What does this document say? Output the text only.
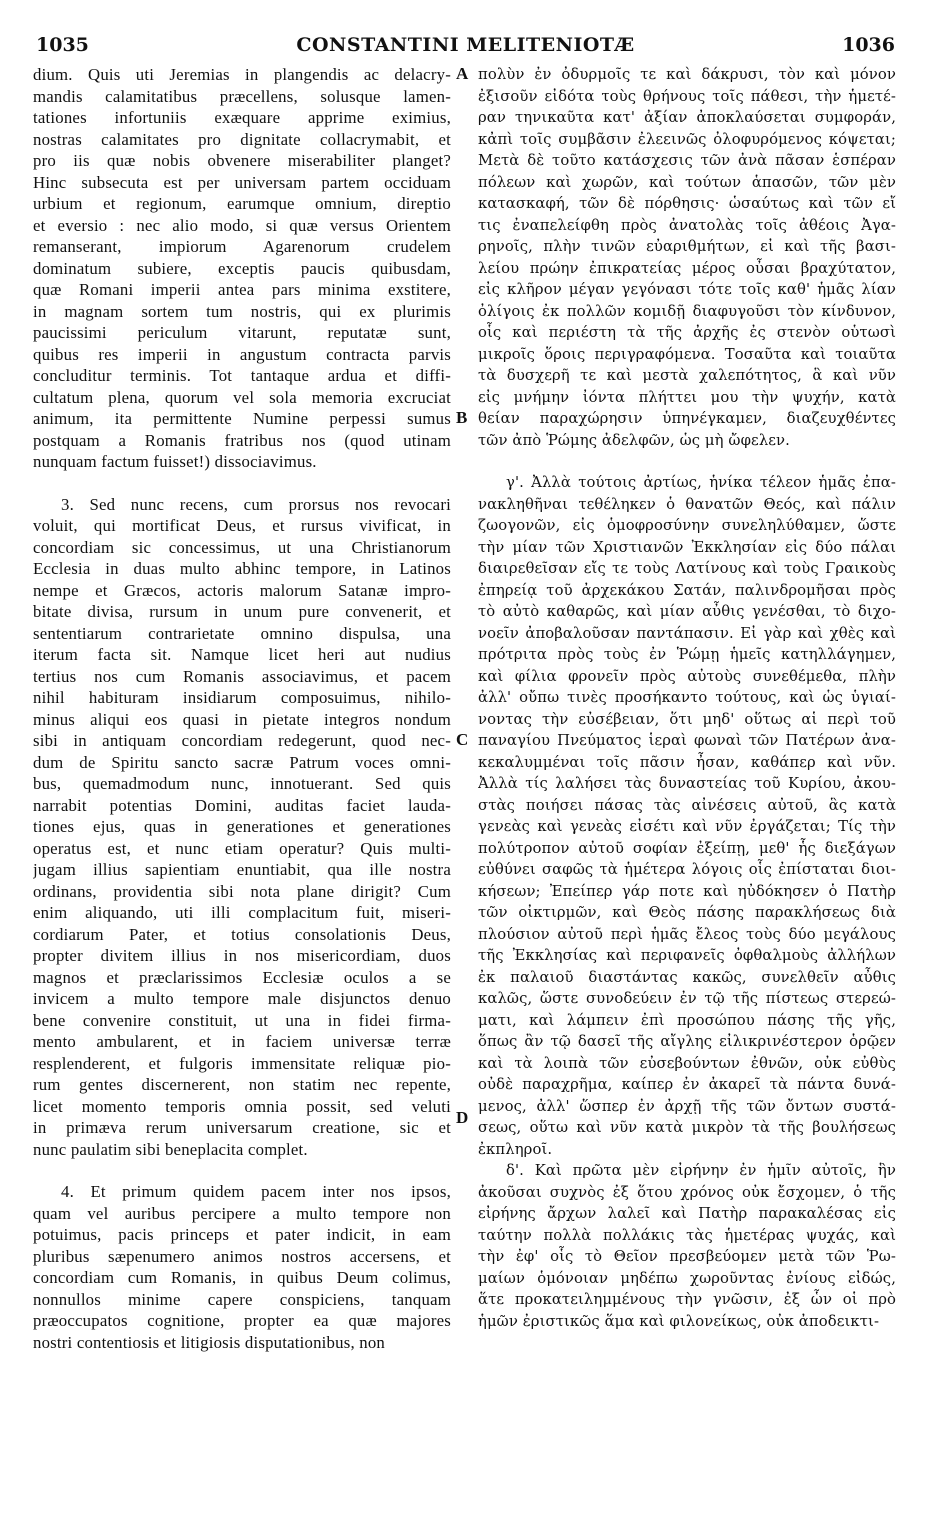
1035	CONSTANTINI MELITENIOTÆ	1036
dium. Quis uti Jeremias in plangendis ac delacry-
mandis calamitatibus præcellens, solusque lamen-
tationes infortuniis exæquare apprime eximius,
nostras calamitates pro dignitate collacrymabit, et
pro iis quæ nobis obvenere miserabiliter planget?
Hinc subsecuta est per universam partem occiduam
urbium et regionum, earumque omnium, direptio
et eversio : nec alio modo, si quæ versus Orientem
remanserant, impiorum Agarenorum crudelem
dominatum subiere, exceptis paucis quibusdam,
quæ Romani imperii antea pars minima exstitere,
in magnam sortem tum nostris, qui ex plurimis
paucissimi periculum vitarunt, reputatæ sunt,
quibus res imperii in angustum contracta parvis
concluditur terminis. Tot tantaque ardua et diffi-
cultatum plena, quorum vel sola memoria excruciat
animum, ita permittente Numine perpessi sumus
postquam a Romanis fratribus nos (quod utinam
nunquam factum fuisset!) dissociavimus.
3. Sed nunc recens, cum prorsus nos revocari
voluit, qui mortificat Deus, et rursus vivificat, in
concordiam sic concessimus, ut una Christianorum
Ecclesia in duas multo abhinc tempore, in Latinos
nempe et Græcos, actoris malorum Satanæ impro-
bitate divisa, rursum in unum pure convenerit, et
sententiarum contrarietate omnino dispulsa, una
iterum facta sit. Namque licet heri aut nudius
tertius nos cum Romanis associavimus, et pacem
nihil habituram insidiarum composuimus, nihilo-
minus aliqui eos quasi in pietate integros nondum
sibi in antiquam concordiam redegerunt, quod nec-
dum de Spiritu sancto sacræ Patrum voces omni-
bus, quemadmodum nunc, innotuerant. Sed quis
narrabit potentias Domini, auditas faciet lauda-
tiones ejus, quas in generationes et generationes
operatus est, et nunc etiam operatur? Quis multi-
jugam illius sapientiam enuntiabit, qua ille nostra
ordinans, providentia sibi nota plane dirigit? Cum
enim aliquando, uti illi complacitum fuit, miseri-
cordiarum Pater, et totius consolationis Deus,
propter divitem illius in nos misericordiam, duos
magnos et præclarissimos Ecclesiæ oculos a se
invicem a multo tempore male disjunctos denuo
bene convenire constituit, ut una in fidei firma-
mento ambularent, et in faciem universæ terræ
resplenderent, et fulgoris immensitate reliquæ pio-
rum gentes discernerent, non statim nec repente,
licet momento temporis omnia possit, sed veluti
in primæva rerum universarum creatione, sic et
nunc paulatim sibi beneplacita complet.
4. Et primum quidem pacem inter nos ipsos,
quam vel auribus percipere a multo tempore non
potuimus, pacis princeps et pater indicit, in eam
pluribus sæpenumero animos nostros accersens, et
concordiam cum Romanis, in quibus Deum colimus,
nonnullos minime capere conspiciens, tanquam
præoccupatos cognitione, propter ea quæ majores
nostri contentiosis et litigiosis disputationibus, non
πολὺν ἐν ὀδυρμοῖς τε καὶ δάκρυσι, τὸν καὶ μόνον
ἐξισοῦν εἰδότα τοὺς θρήνους τοῖς πάθεσι, τὴν ἡμετέ-
ραν τηνικαῦτα κατ' ἀξίαν ἀποκλαύσεται συμφοράν,
κἀπὶ τοῖς συμβᾶσιν ἐλεεινῶς ὀλοφυρόμενος κόψεται;
Μετὰ δὲ τοῦτο κατάσχεσις τῶν ἀνὰ πᾶσαν ἑσπέραν
πόλεων καὶ χωρῶν, καὶ τούτων ἁπασῶν, τῶν μὲν
κατασκαφή, τῶν δὲ πόρθησις· ὡσαύτως καὶ τῶν εἴ
τις ἐναπελείφθη πρὸς ἀνατολὰς τοῖς ἀθέοις Ἀγα-
ρηνοῖς, πλὴν τινῶν εὐαριθμήτων, εἰ καὶ τῆς βασι-
λείου πρώην ἐπικρατείας μέρος οὖσαι βραχύτατον,
εἰς κλῆρον μέγαν γεγόνασι τότε τοῖς καθ' ἡμᾶς λίαν
ὀλίγοις ἐκ πολλῶν κομιδῇ διαφυγοῦσι τὸν κίνδυνον,
οἷς καὶ περιέστη τὰ τῆς ἀρχῆς ἐς στενὸν οὑτωσὶ
μικροῖς ὅροις περιγραφόμενα. Τοσαῦτα καὶ τοιαῦτα
τὰ δυσχερῆ τε καὶ μεστὰ χαλεπότητος, ἃ καὶ νῦν
εἰς μνήμην ἰόντα πλήττει μου τὴν ψυχήν, κατὰ
θείαν παραχώρησιν ὑπηνέγκαμεν, διαζευχθέντες
τῶν ἀπὸ Ῥώμης ἀδελφῶν, ὡς μὴ ὤφελεν.
γ'. Ἀλλὰ τούτοις ἀρτίως, ἡνίκα τέλεον ἡμᾶς ἐπα-
νακληθῆναι τεθέληκεν ὁ θανατῶν Θεός, καὶ πάλιν
ζωογονῶν, εἰς ὁμοφροσύνην συνεληλύθαμεν, ὥστε
τὴν μίαν τῶν Χριστιανῶν Ἐκκλησίαν εἰς δύο πάλαι
διαιρεθεῖσαν εἴς τε τοὺς Λατίνους καὶ τοὺς Γραικοὺς
ἐπηρείᾳ τοῦ ἀρχεκάκου Σατάν, παλινδρομῆσαι πρὸς
τὸ αὐτὸ καθαρῶς, καὶ μίαν αὖθις γενέσθαι, τὸ διχο-
νοεῖν ἀποβαλοῦσαν παντάπασιν. Εἰ γὰρ καὶ χθὲς καὶ
πρότριτα πρὸς τοὺς ἐν Ῥώμῃ ἡμεῖς κατηλλάγημεν,
καὶ φίλια φρονεῖν πρὸς αὐτοὺς συνεθέμεθα, πλὴν
ἀλλ' οὔπω τινὲς προσήκαντο τούτους, καὶ ὡς ὑγιαί-
νοντας τὴν εὐσέβειαν, ὅτι μηδ' οὕτως αἱ περὶ τοῦ
παναγίου Πνεύματος ἱεραὶ φωναὶ τῶν Πατέρων ἀνα-
κεκαλυμμέναι τοῖς πᾶσιν ἦσαν, καθάπερ καὶ νῦν.
Ἀλλὰ τίς λαλήσει τὰς δυναστείας τοῦ Κυρίου, ἀκου-
στὰς ποιήσει πάσας τὰς αἰνέσεις αὐτοῦ, ἃς κατὰ
γενεὰς καὶ γενεὰς εἰσέτι καὶ νῦν ἐργάζεται; Τίς τὴν
πολύτροπον αὐτοῦ σοφίαν ἐξείπῃ, μεθ' ἧς διεξάγων
εὐθύνει σαφῶς τὰ ἡμέτερα λόγοις οἷς ἐπίσταται διοι-
κήσεων; Ἐπείπερ γάρ ποτε καὶ ηὐδόκησεν ὁ Πατὴρ
τῶν οἰκτιρμῶν, καὶ Θεὸς πάσης παρακλήσεως διὰ
πλούσιον αὐτοῦ περὶ ἡμᾶς ἔλεος τοὺς δύο μεγάλους
τῆς Ἐκκλησίας καὶ περιφανεῖς ὀφθαλμοὺς ἀλλήλων
ἐκ παλαιοῦ διαστάντας κακῶς, συνελθεῖν αὖθις
καλῶς, ὥστε συνοδεύειν ἐν τῷ τῆς πίστεως στερεώ-
ματι, καὶ λάμπειν ἐπὶ προσώπου πάσης τῆς γῆς,
ὅπως ἂν τῷ δασεῖ τῆς αἴγλης εἰλικρινέστερον ὁρῷεν
καὶ τὰ λοιπὰ τῶν εὐσεβούντων ἐθνῶν, οὐκ εὐθὺς
οὐδὲ παραχρῆμα, καίπερ ἐν ἀκαρεῖ τὰ πάντα δυνά-
μενος, ἀλλ' ὥσπερ ἐν ἀρχῇ τῆς τῶν ὄντων συστά-
σεως, οὕτω καὶ νῦν κατὰ μικρὸν τὰ τῆς βουλήσεως
ἐκπληροῖ.
δ'. Καὶ πρῶτα μὲν εἰρήνην ἐν ἡμῖν αὐτοῖς, ἣν
ἀκοῦσαι συχνὸς ἐξ ὅτου χρόνος οὐκ ἔσχομεν, ὁ τῆς
εἰρήνης ἄρχων λαλεῖ καὶ Πατὴρ παρακαλέσας εἰς
ταύτην πολλὰ πολλάκις τὰς ἡμετέρας ψυχάς, καὶ
τὴν ἐφ' οἷς τὸ Θεῖον πρεσβεύομεν μετὰ τῶν Ῥω-
μαίων ὁμόνοιαν μηδέπω χωροῦντας ἐνίους εἰδώς,
ἅτε προκατειλημμένους τὴν γνῶσιν, ἐξ ὧν οἱ πρὸ
ἡμῶν ἐριστικῶς ἅμα καὶ φιλονείκως, οὐκ ἀποδεικτι-
A
B
C
D
